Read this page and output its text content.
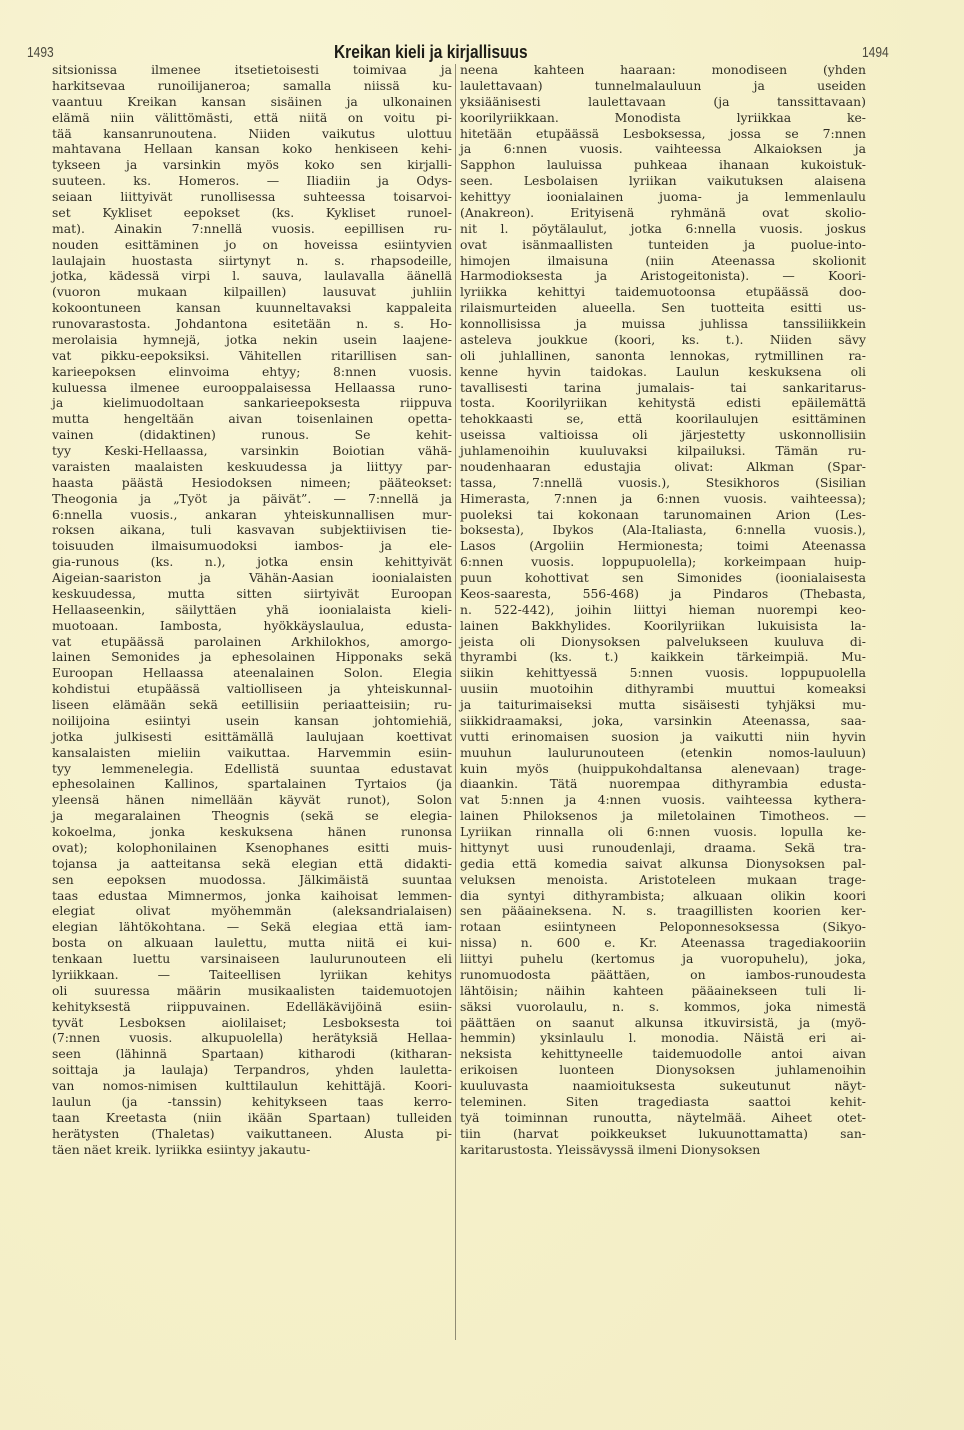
1493	Kreikan kieli ja kirjallisuus	1494
sitsionissa ilmenee itsetietoisesti toimivaa ja
harkitsevaa runoilijaneroa; samalla niissä ku-
vaantuu Kreikan kansan sisäinen ja ulkonainen
elämä niin välittömästi, että niitä on voitu pi-
tää kansanrunoutena. Niiden vaikutus ulottuu
mahtavana Hellaan kansan koko henkiseen kehi-
tykseen ja varsinkin myös koko sen kirjalli-
suuteen. ks. Homeros. — Iliadiin ja Odys-
seiaan liittyivät runollisessa suhteessa toisarvoi-
set Kykliset eepokset (ks. Kykliset runoel-
mat). Ainakin 7:nnellä vuosis. eepillisen ru-
nouden esittäminen jo on hoveissa esiintyvien
laulajain huostasta siirtynyt n. s. rhapsodeille,
jotka, kädessä virpi l. sauva, laulavalla äänellä
(vuoron mukaan kilpaillen) lausuvat juhliin
kokoontuneen kansan kuunneltavaksi kappaleita
runovarastosta. Johdantona esitetään n. s. Ho-
merolaisia hymnejä, jotka nekin usein laajene-
vat pikku-eepoksiksi. Vähitellen ritarillisen san-
karieepoksen elinvoima ehtyy; 8:nnen vuosis.
kuluessa ilmenee eurooppalaisessa Hellaassa runo-
ja kielimuodoltaan sankarieepoksesta riippuva
mutta hengeltään aivan toisenlainen opetta-
vainen (didaktinen) runous. Se kehit-
tyy Keski-Hellaassa, varsinkin Boiotian vähä-
varaisten maalaisten keskuudessa ja liittyy par-
haasta päästä Hesiodoksen nimeen; pääteokset:
Theogonia ja „Työt ja päivät”. — 7:nnellä ja
6:nnella vuosis., ankaran yhteiskunnallisen mur-
roksen aikana, tuli kasvavan subjektiivisen tie-
toisuuden ilmaisumuodoksi iambos- ja ele-
gia-runous (ks. n.), jotka ensin kehittyivät
Aigeian-saariston ja Vähän-Aasian ioonialaisten
keskuudessa, mutta sitten siirtyivät Euroopan
Hellaaseenkin, säilyttäen yhä ioonialaista kieli-
muotoaan. Iambosta, hyökkäyslaulua, edusta-
vat etupäässä parolainen Arkhilokhos, amorgo-
lainen Semonides ja ephesolainen Hipponaks sekä
Euroopan Hellaassa ateenalainen Solon. Elegia
kohdistui etupäässä valtiolliseen ja yhteiskunnal-
liseen elämään sekä eetillisiin periaatteisiin; ru-
noilijoina esiintyi usein kansan johtomiehiä,
jotka julkisesti esittämällä laulujaan koettivat
kansalaisten mieliin vaikuttaa. Harvemmin esiin-
tyy lemmenelegia. Edellistä suuntaa edustavat
ephesolainen Kallinos, spartalainen Tyrtaios (ja
yleensä hänen nimellään käyvät runot), Solon
ja megaralainen Theognis (sekä se elegia-
kokoelma, jonka keskuksena hänen runonsa
ovat); kolophonilainen Ksenophanes esitti muis-
tojansa ja aatteitansa sekä elegian että didakti-
sen eepoksen muodossa. Jälkimäistä suuntaa
taas edustaa Mimnermos, jonka kaihoisat lemmen-
elegiat olivat myöhemmän (aleksandrialaisen)
elegian lähtökohtana. — Sekä elegiaa että iam-
bosta on alkuaan laulettu, mutta niitä ei kui-
tenkaan luettu varsinaiseen laulurunouteen eli
lyriikkaan. — Taiteellisen lyriikan kehitys
oli suuressa määrin musikaalisten taidemuotojen
kehityksestä riippuvainen. Edelläkävijöinä esiin-
tyvät Lesboksen aiolilaiset; Lesboksesta toi
(7:nnen vuosis. alkupuolella) herätyksiä Hellaa-
seen (lähinnä Spartaan) kitharodi (kitharan-
soittaja ja laulaja) Terpandros, yhden lauletta-
van nomos-nimisen kulttilaulun kehittäjä. Koori-
laulun (ja -tanssin) kehitykseen taas kerro-
taan Kreetasta (niin ikään Spartaan) tulleiden
herätysten (Thaletas) vaikuttaneen. Alusta pi-
täen näet kreik. lyriikka esiintyy jakautu-
neena kahteen haaraan: monodiseen (yhden
laulettavaan) tunnelmalauluun ja useiden
yksiäänisesti laulettavaan (ja tanssittavaan)
koorilyriikkaan. Monodista lyriikkaa ke-
hitetään etupäässä Lesboksessa, jossa se 7:nnen
ja 6:nnen vuosis. vaihteessa Alkaioksen ja
Sapphon lauluissa puhkeaa ihanaan kukoistuk-
seen. Lesbolaisen lyriikan vaikutuksen alaisena
kehittyy ioonialainen juoma- ja lemmenlaulu
(Anakreon). Erityisenä ryhmänä ovat skolio-
nit l. pöytälaulut, jotka 6:nnella vuosis. joskus
ovat isänmaallisten tunteiden ja puolue-into-
himojen ilmaisuna (niin Ateenassa skolionit
Harmodioksesta ja Aristogeitonista). — Koori-
lyriikka kehittyi taidemuotoonsa etupäässä doo-
rilaismurteiden alueella. Sen tuotteita esitti us-
konnollisissa ja muissa juhlissa tanssiliikkein
asteleva joukkue (koori, ks. t.). Niiden sävy
oli juhlallinen, sanonta lennokas, rytmillinen ra-
kenne hyvin taidokas. Laulun keskuksena oli
tavallisesti tarina jumalais- tai sankaritarus-
tosta. Koorilyriikan kehitystä edisti epäilemättä
tehokkaasti se, että koorilaulujen esittäminen
useissa valtioissa oli järjestetty uskonnollisiin
juhlamenoihin kuuluvaksi kilpailuksi. Tämän ru-
noudenhaaran edustajia olivat: Alkman (Spar-
tassa, 7:nnellä vuosis.), Stesikhoros (Sisilian
Himerasta, 7:nnen ja 6:nnen vuosis. vaihteessa);
puoleksi tai kokonaan tarunomainen Arion (Les-
boksesta), Ibykos (Ala-Italiasta, 6:nnella vuosis.),
Lasos (Argoliin Hermionesta; toimi Ateenassa
6:nnen vuosis. loppupuolella); korkeimpaan huip-
puun kohottivat sen Simonides (ioonialaisesta
Keos-saaresta, 556-468) ja Pindaros (Thebasta,
n. 522-442), joihin liittyi hieman nuorempi keo-
lainen Bakkhylides. Koorilyriikan lukuisista la-
jeista oli Dionysoksen palvelukseen kuuluva di-
thyrambi (ks. t.) kaikkein tärkeimpiä. Mu-
siikin kehittyessä 5:nnen vuosis. loppupuolella
uusiin muotoihin dithyrambi muuttui komeaksi
ja taiturimaiseksi mutta sisäisesti tyhjäksi mu-
siikkidraamaksi, joka, varsinkin Ateenassa, saa-
vutti erinomaisen suosion ja vaikutti niin hyvin
muuhun laulurunouteen (etenkin nomos-lauluun)
kuin myös (huippukohdaltansa alenevaan) trage-
diaankin. Tätä nuorempaa dithyrambia edusta-
vat 5:nnen ja 4:nnen vuosis. vaihteessa kythera-
lainen Philoksenos ja miletolainen Timotheos. —
Lyriikan rinnalla oli 6:nnen vuosis. lopulla ke-
hittynyt uusi runoudenlaji, draama. Sekä tra-
gedia että komedia saivat alkunsa Dionysoksen pal-
veluksen menoista. Aristoteleen mukaan trage-
dia syntyi dithyrambista; alkuaan olikin koori
sen pääaineksena. N. s. traagillisten koorien ker-
rotaan esiintyneen Peloponnesoksessa (Sikyo-
nissa) n. 600 e. Kr. Ateenassa tragediakooriin
liittyi puhelu (kertomus ja vuoropuhelu), joka,
runomuodosta päättäen, on iambos-runoudesta
lähtöisin; näihin kahteen pääainekseen tuli li-
säksi vuorolaulu, n. s. kommos, joka nimestä
päättäen on saanut alkunsa itkuvirsistä, ja (myö-
hemmin) yksinlaulu l. monodia. Näistä eri ai-
neksista kehittyneelle taidemuodolle antoi aivan
erikoisen luonteen Dionysoksen juhlamenoihin
kuuluvasta naamioituksesta sukeutunut näyt-
teleminen. Siten tragediasta saattoi kehit-
tyä toiminnan runoutta, näytelmää. Aiheet otet-
tiin (harvat poikkeukset lukuunottamatta) san-
karitarustosta. Yleissävyssä ilmeni Dionysoksen
